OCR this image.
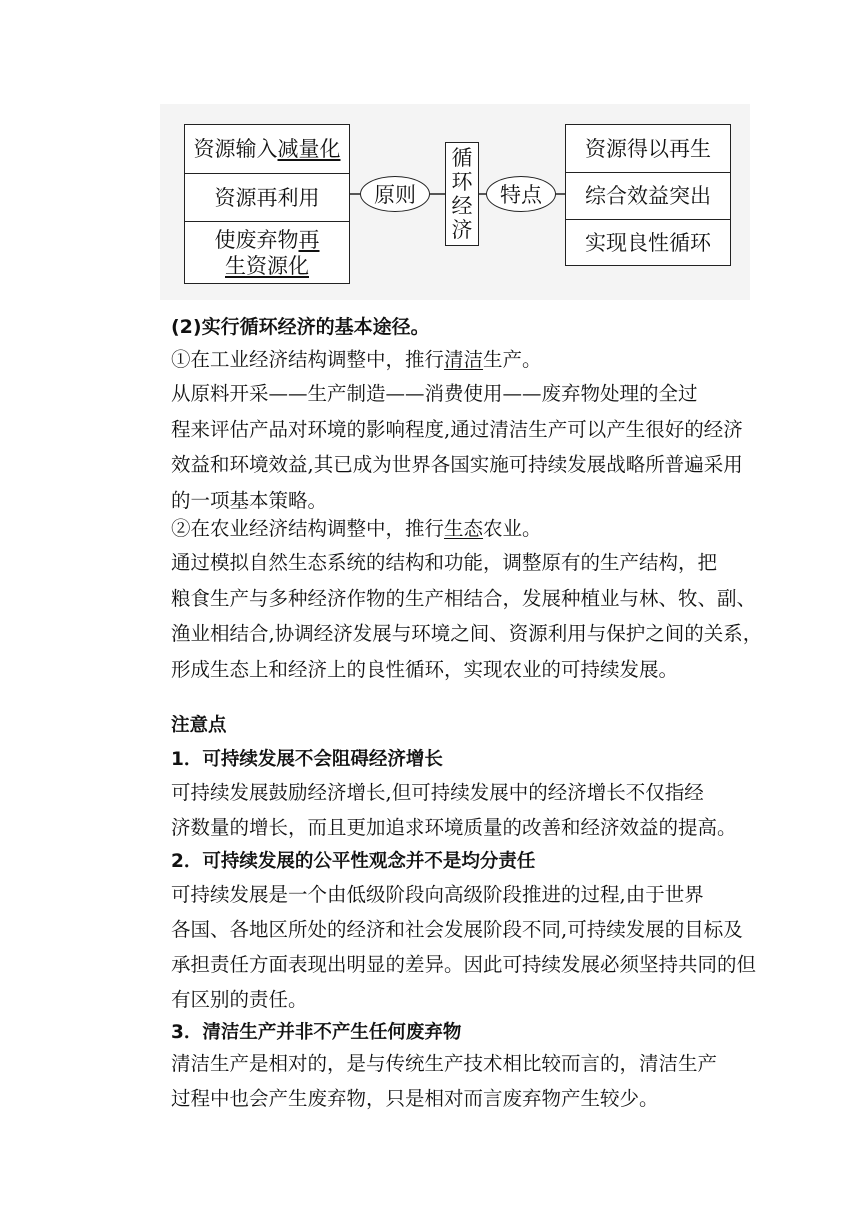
资源输入 减量化
资源再利用
使废弃物再
生资源化
原则
循
环
经
济
特点
资源得以再生
综合效益突出
实现良性循环

(2)实行循环经济的基本途径。

①在工业经济结构调整中，推行清洁生产。

从原料开采——生产制造——消费使用——废弃物处理的全过
程来评估产品对环境的影响程度,通过清洁生产可以产生很好的经济
效益和环境效益,其已成为世界各国实施可持续发展战略所普遍采用
的一项基本策略。

②在农业经济结构调整中，推行生态农业。

通过模拟自然生态系统的结构和功能，调整原有的生产结构，把
粮食生产与多种经济作物的生产相结合，发展种植业与林、牧、副、
渔业相结合,协调经济发展与环境之间、资源利用与保护之间的关系，
形成生态上和经济上的良性循环，实现农业的可持续发展。

注意点

1．可持续发展不会阻碍经济增长

可持续发展鼓励经济增长,但可持续发展中的经济增长不仅指经
济数量的增长，而且更加追求环境质量的改善和经济效益的提高。

2．可持续发展的公平性观念并不是均分责任

可持续发展是一个由低级阶段向高级阶段推进的过程,由于世界
各国、各地区所处的经济和社会发展阶段不同,可持续发展的目标及
承担责任方面表现出明显的差异。因此可持续发展必须坚持共同的但
有区别的责任。

3．清洁生产并非不产生任何废弃物

清洁生产是相对的，是与传统生产技术相比较而言的，清洁生产
过程中也会产生废弃物，只是相对而言废弃物产生较少。
